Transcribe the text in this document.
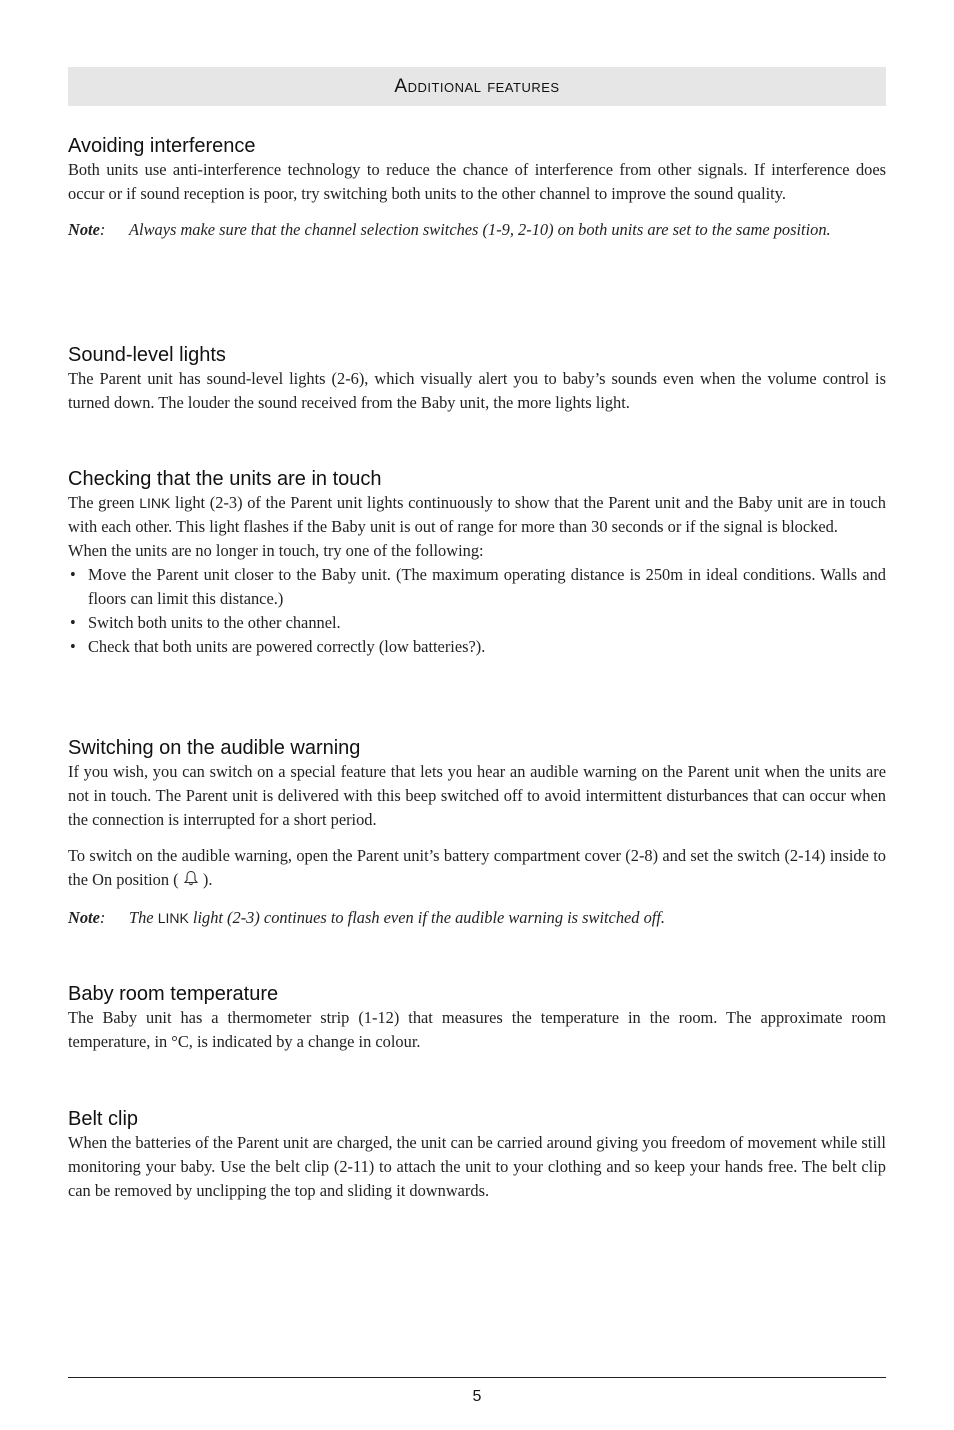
Additional features
Avoiding interference

Both units use anti-interference technology to reduce the chance of interference from other signals. If interference does occur or if sound reception is poor, try switching both units to the other channel to improve the sound quality.

Note:	Always make sure that the channel selection switches (1-9, 2-10) on both units are set to the same position.
Sound-level lights

The Parent unit has sound-level lights (2-6), which visually alert you to baby’s sounds even when the volume control is turned down. The louder the sound received from the Baby unit, the more lights light.

Checking that the units are in touch

The green LINK light (2-3) of the Parent unit lights continuously to show that the Parent unit and the Baby unit are in touch with each other. This light flashes if the Baby unit is out of range for more than 30 seconds or if the signal is blocked.

When the units are no longer in touch, try one of the following:

• Move the Parent unit closer to the Baby unit. (The maximum operating distance is 250m in ideal conditions. Walls and floors can limit this distance.)
• Switch both units to the other channel.
• Check that both units are powered correctly (low batteries?).
Switching on the audible warning

If you wish, you can switch on a special feature that lets you hear an audible warning on the Parent unit when the units are not in touch. The Parent unit is delivered with this beep switched off to avoid intermittent disturbances that can occur when the connection is interrupted for a short period.

To switch on the audible warning, open the Parent unit’s battery compartment cover (2-8) and set the switch (2-14) inside to the On position ( ).

Note:	The LINK light (2-3) continues to flash even if the audible warning is switched off.
Baby room temperature

The Baby unit has a thermometer strip (1-12) that measures the temperature in the room. The approximate room temperature, in °C, is indicated by a change in colour.

Belt clip

When the batteries of the Parent unit are charged, the unit can be carried around giving you freedom of movement while still monitoring your baby. Use the belt clip (2-11) to attach the unit to your clothing and so keep your hands free. The belt clip can be removed by unclipping the top and sliding it downwards.

5
